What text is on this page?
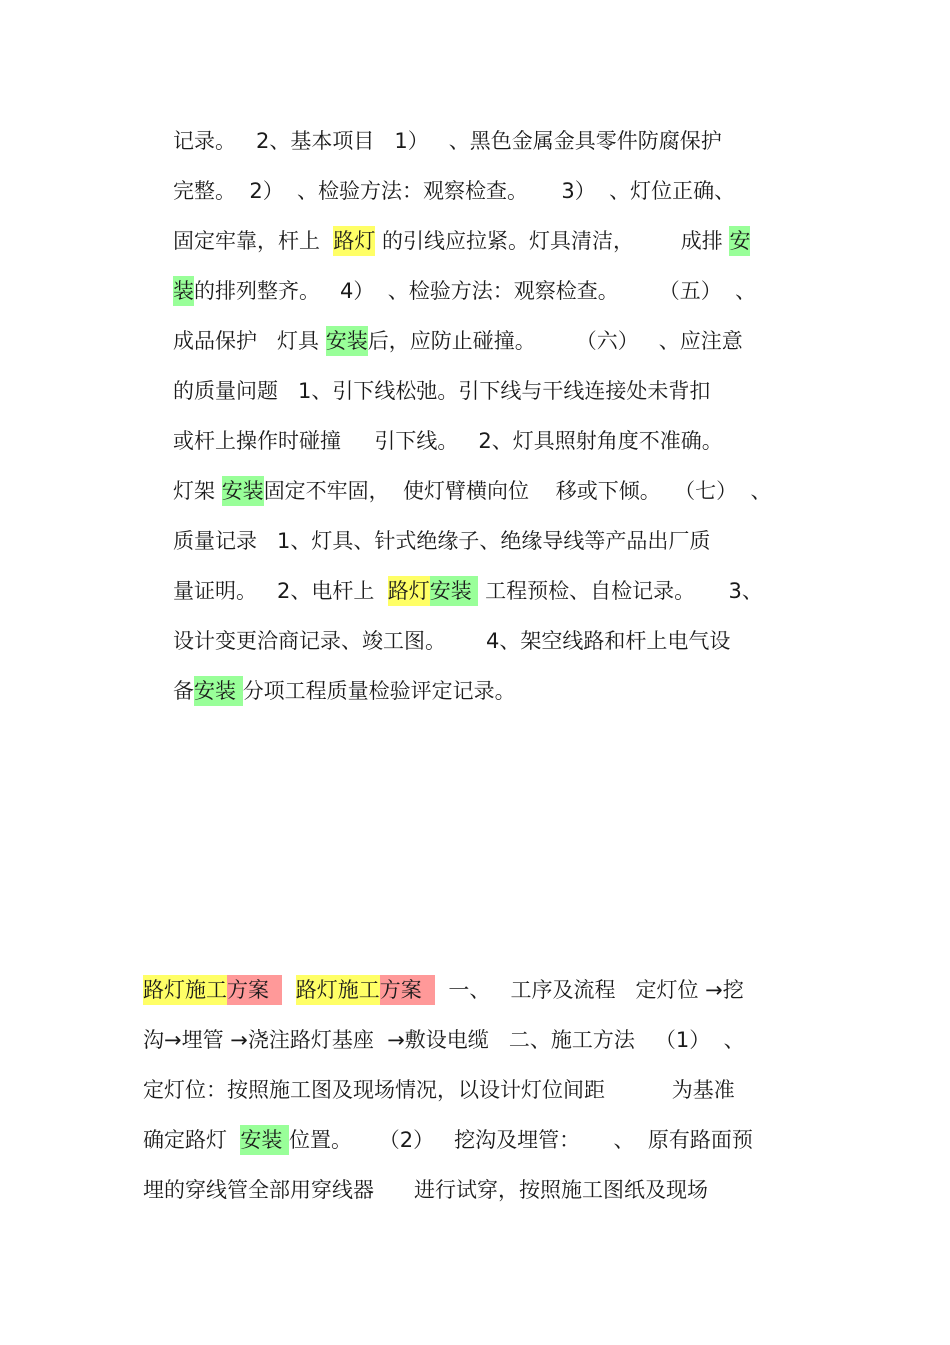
记录。   2、基本项目   1）   、黑色金属金具零件防腐保护
完整。  2）  、检验方法：观察检查。     3）  、灯位正确、
固定牢靠，杆上  路灯 的引线应拉紧。灯具清洁，       成排 安
装的排列整齐。   4）  、检验方法：观察检查。      （五）  、
成品保护   灯具 安装后，应防止碰撞。      （六）   、应注意
的质量问题   1、引下线松弛。引下线与干线连接处未背扣
或杆上操作时碰撞     引下线。   2、灯具照射角度不准确。
灯架 安装固定不牢固，  使灯臂横向位    移或下倾。  （七）  、
质量记录   1、灯具、针式绝缘子、绝缘导线等产品出厂质
量证明。   2、电杆上  路灯安装  工程预检、自检记录。     3、
设计变更洽商记录、竣工图。      4、架空线路和杆上电气设
备安装 分项工程质量检验评定记录。
路灯施工方案    路灯施工方案    一、   工序及流程   定灯位 →挖
沟→埋管 →浇注路灯基座  →敷设电缆   二、施工方法   （1）  、
定灯位：按照施工图及现场情况，以设计灯位间距          为基准
确定路灯  安装 位置。    （2）   挖沟及埋管：     、  原有路面预
埋的穿线管全部用穿线器      进行试穿，按照施工图纸及现场
